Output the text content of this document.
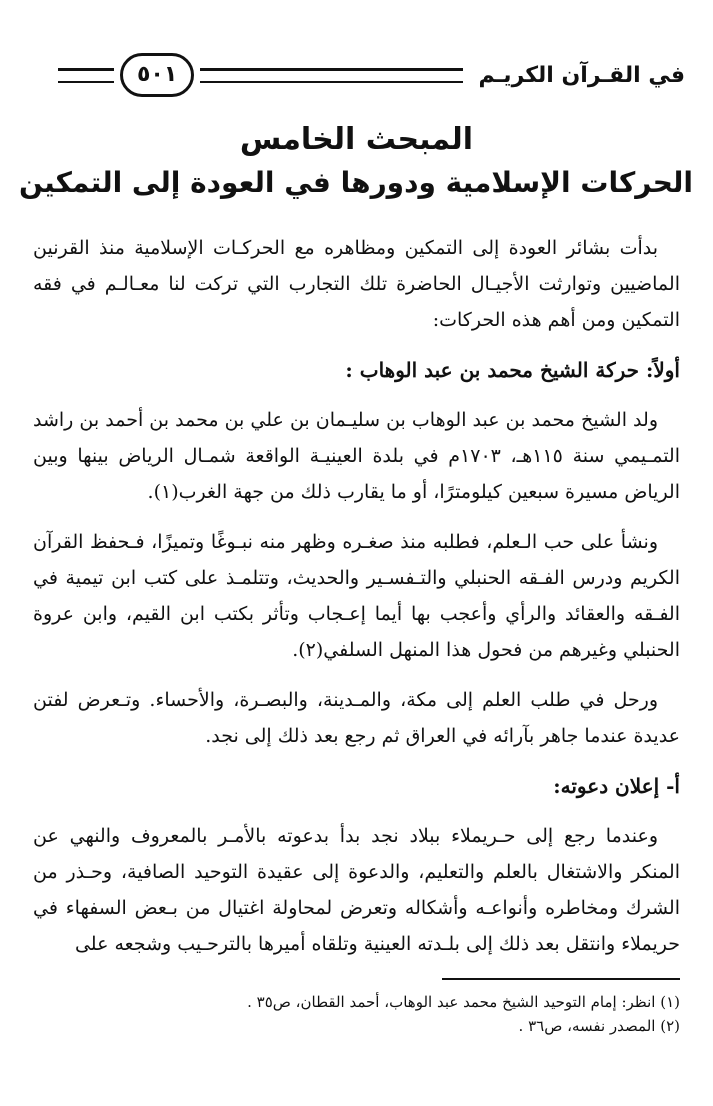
في القـرآن الكريـم
٥٠١
المبحث الخامس
الحركات الإسلامية ودورها في العودة إلى التمكين

بدأت بشائر العودة إلى التمكين ومظاهره مع الحركـات الإسلامية منذ القرنين الماضيين وتوارثت الأجيـال الحاضرة تلك التجارب التي تركت لنا معـالـم في فقه التمكين ومن أهم هذه الحركات:

أولاً: حركة الشيخ محمد بن عبد الوهاب :

ولد الشيخ محمد بن عبد الوهاب بن سليـمان بن علي بن محمد بن أحمد بن راشد التمـيمي سنة ١١٥هـ، ١٧٠٣م في بلدة العينيـة الواقعة شمـال الرياض بينها وبين الرياض مسيرة سبعين كيلومترًا، أو ما يقارب ذلك من جهة الغرب(١).

ونشأ على حب الـعلم، فطلبه منذ صغـره وظهر منه نبـوغًا وتميزًا، فـحفظ القرآن الكريم ودرس الفـقه الحنبلي والتـفسـير والحديث، وتتلمـذ على كتب ابن تيمية في الفـقه والعقائد والرأي وأعجب بها أيما إعـجاب وتأثر بكتب ابن القيم، وابن عروة الحنبلي وغيرهم من فحول هذا المنهل السلفي(٢).

ورحل في طلب العلم إلى مكة، والمـدينة، والبصـرة، والأحساء. وتـعرض لفتن عديدة عندما جاهر بآرائه في العراق ثم رجع بعد ذلك إلى نجد.

أ- إعلان دعوته:

وعندما رجع إلى حـريملاء ببلاد نجد بدأ بدعوته بالأمـر بالمعروف والنهي عن المنكر والاشتغال بالعلم والتعليم، والدعوة إلى عقيدة التوحيد الصافية، وحـذر من الشرك ومخاطره وأنواعـه وأشكاله وتعرض لمحاولة اغتيال من بـعض السفهاء في حريملاء وانتقل بعد ذلك إلى بلـدته العينية وتلقاه أميرها بالترحـيب وشجعه على

(١) انظر: إمام التوحيد الشيخ محمد عبد الوهاب، أحمد القطان، ص٣٥ .
(٢) المصدر نفسه، ص٣٦ .
